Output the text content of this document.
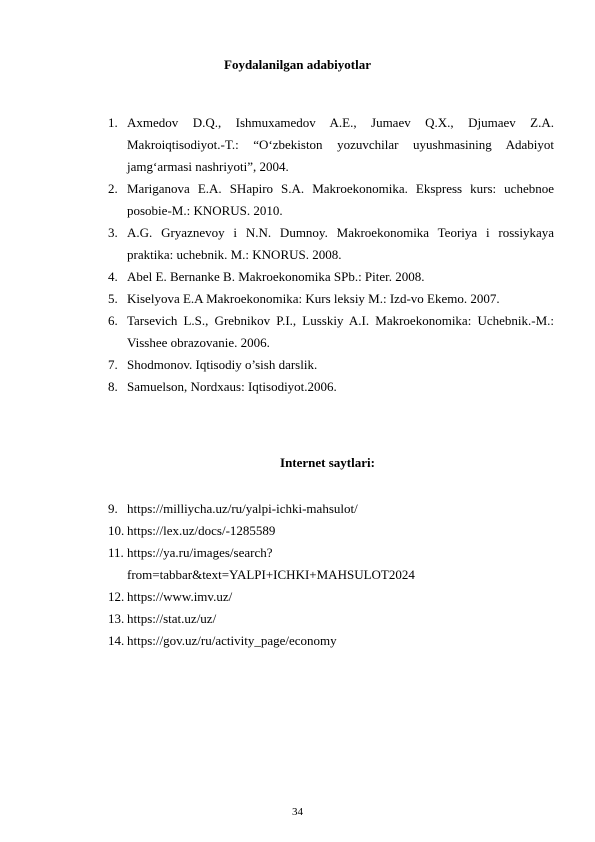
Foydalanilgan adabiyotlar
1. Axmedov D.Q., Ishmuxamedov A.E., Jumaev Q.X., Djumaev Z.A. Makroiqtisodiyot.-T.: “O‘zbekiston yozuvchilar uyushmasining Adabiyot jamg‘armasi nashriyoti”, 2004.
2. Mariganova E.A. SHapiro S.A. Makroekonomika. Ekspress kurs: uchebnoe posobie-M.: KNORUS. 2010.
3. A.G. Gryaznevoy i N.N. Dumnoy. Makroekonomika Teoriya i rossiykaya praktika: uchebnik. M.: KNORUS. 2008.
4. Abel E. Bernanke B. Makroekonomika SPb.: Piter. 2008.
5. Kiselyova E.A Makroekonomika: Kurs leksiy M.: Izd-vo Ekemo. 2007.
6. Tarsevich L.S., Grebnikov P.I., Lusskiy A.I. Makroekonomika: Uchebnik.-M.: Visshee obrazovanie. 2006.
7. Shodmonov. Iqtisodiy o’sish darslik.
8. Samuelson, Nordxaus: Iqtisodiyot.2006.
Internet saytlari:
9. https://milliycha.uz/ru/yalpi-ichki-mahsulot/
10. https://lex.uz/docs/-1285589
11. https://ya.ru/images/search?
from=tabbar&text=YALPI+ICHKI+MAHSULOT2024
12. https://www.imv.uz/
13. https://stat.uz/uz/
14. https://gov.uz/ru/activity_page/economy
34
